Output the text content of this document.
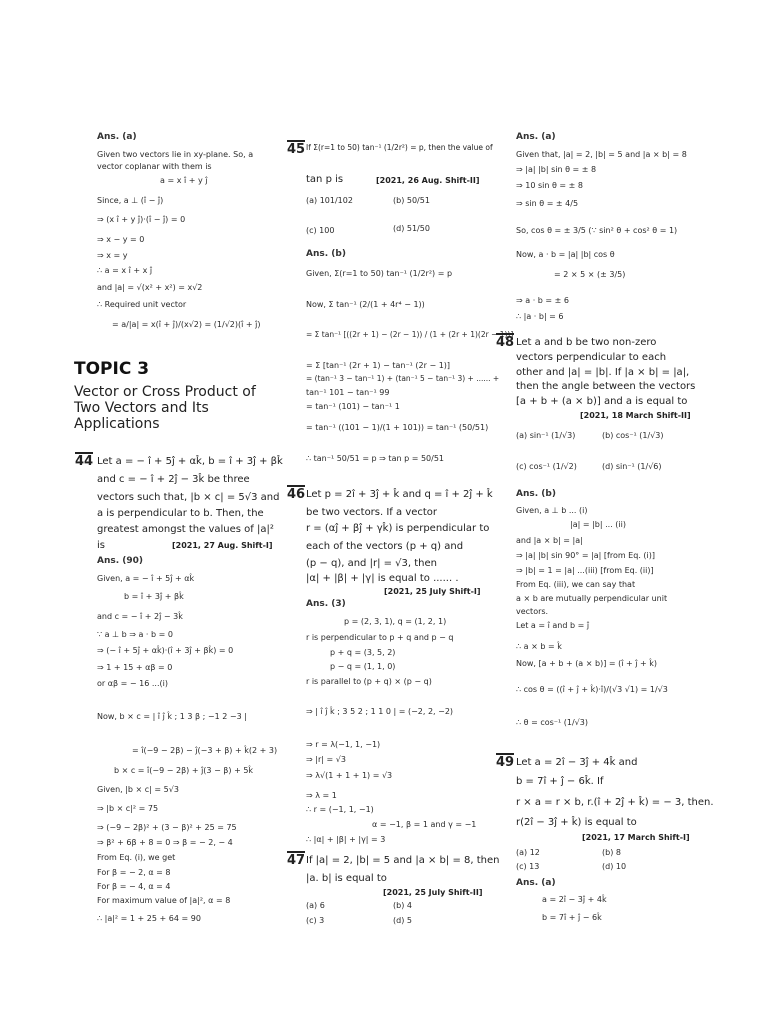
Ans. (a)
Given two vectors lie in xy-plane. So, a
vector coplanar with them is
a = x î + y ĵ
Since, a ⊥ (î − ĵ)
⇒ (x î + y ĵ)·(î − ĵ) = 0
⇒ x − y = 0
⇒ x = y
∴ a = x î + x ĵ
and |a| = √(x² + x²) = x√2
∴ Required unit vector
= a/|a| = x(î + ĵ)/(x√2) = (1/√2)(î + ĵ)
TOPIC 3
Vector or Cross Product of
Two Vectors and Its
Applications
44 Let a = − î + 5ĵ + αk̂, b = î + 3ĵ + βk̂
and c = − î + 2ĵ − 3k̂ be three
vectors such that, |b × c| = 5√3 and
a is perpendicular to b. Then, the
greatest amongst the values of |a|²
is	[2021, 27 Aug. Shift-I]
Ans. (90)
Given, a = − î + 5ĵ + αk̂
b = î + 3ĵ + βk̂
and c = − î + 2ĵ − 3k̂
∵ a ⊥ b ⇒ a · b = 0
⇒ (− î + 5ĵ + αk̂)·(î + 3ĵ + βk̂) = 0
⇒ 1 + 15 + αβ = 0
or αβ = − 16 ...(i)
Now, b × c = | î ĵ k̂ ; 1 3 β ; −1 2 −3 |
= î(−9 − 2β) − ĵ(−3 + β) + k̂(2 + 3)
b × c = î(−9 − 2β) + ĵ(3 − β) + 5k̂
Given, |b × c| = 5√3
⇒ |b × c|² = 75
⇒ (−9 − 2β)² + (3 − β)² + 25 = 75
⇒ β² + 6β + 8 = 0 ⇒ β = − 2, − 4
From Eq. (i), we get
For β = − 2, α = 8
For β = − 4, α = 4
For maximum value of |a|², α = 8
∴ |a|² = 1 + 25 + 64 = 90
45 If Σ(r=1 to 50) tan⁻¹ (1/2r²) = p, then the value of
tan p is	[2021, 26 Aug. Shift-II]
(a) 101/102	(b) 50/51
(c) 100	(d) 51/50
Ans. (b)
Given, Σ(r=1 to 50) tan⁻¹ (1/2r²) = p
Now, Σ tan⁻¹ (2/(1 + 4r⁴ − 1))
= Σ tan⁻¹ [((2r + 1) − (2r − 1)) / (1 + (2r + 1)(2r − 1))]
= Σ [tan⁻¹ (2r + 1) − tan⁻¹ (2r − 1)]
= (tan⁻¹ 3 − tan⁻¹ 1) + (tan⁻¹ 5 − tan⁻¹ 3) + ...... +
tan⁻¹ 101 − tan⁻¹ 99
= tan⁻¹ (101) − tan⁻¹ 1
= tan⁻¹ ((101 − 1)/(1 + 101)) = tan⁻¹ (50/51)
∴ tan⁻¹ 50/51 = p ⇒ tan p = 50/51
46 Let p = 2î + 3ĵ + k̂ and q = î + 2ĵ + k̂
be two vectors. If a vector
r = (αĵ + βĵ + γk̂) is perpendicular to
each of the vectors (p + q) and
(p − q), and |r| = √3, then
|α| + |β| + |γ| is equal to ...... .
[2021, 25 July Shift-I]
Ans. (3)
p = (2, 3, 1), q = (1, 2, 1)
r is perpendicular to p + q and p − q
p + q = (3, 5, 2)
p − q = (1, 1, 0)
r is parallel to (p + q) × (p − q)
⇒ | î ĵ k̂ ; 3 5 2 ; 1 1 0 | = (−2, 2, −2)
⇒ r = λ(−1, 1, −1)
⇒ |r| = √3
⇒ λ√(1 + 1 + 1) = √3
⇒ λ = 1
∴ r = (−1, 1, −1)
α = −1, β = 1 and γ = −1
∴ |α| + |β| + |γ| = 3
47 If |a| = 2, |b| = 5 and |a × b| = 8, then
|a. b| is equal to
[2021, 25 July Shift-II]
(a) 6	(b) 4
(c) 3	(d) 5
Ans. (a)
Given that, |a| = 2, |b| = 5 and |a × b| = 8
⇒ |a| |b| sin θ = ± 8
⇒ 10 sin θ = ± 8
⇒ sin θ = ± 4/5
So, cos θ = ± 3/5 (∵ sin² θ + cos² θ = 1)
Now, a · b = |a| |b| cos θ
= 2 × 5 × (± 3/5)
⇒ a · b = ± 6
∴ |a · b| = 6
48 Let a and b be two non-zero
vectors perpendicular to each
other and |a| = |b|. If |a × b| = |a|,
then the angle between the vectors
[a + b + (a × b)] and a is equal to
[2021, 18 March Shift-II]
(a) sin⁻¹ (1/√3)	(b) cos⁻¹ (1/√3)
(c) cos⁻¹ (1/√2)	(d) sin⁻¹ (1/√6)
Ans. (b)
Given, a ⊥ b ... (i)
|a| = |b| ... (ii)
and |a × b| = |a|
⇒ |a| |b| sin 90° = |a| [from Eq. (i)]
⇒ |b| = 1 = |a| ...(iii) [from Eq. (ii)]
From Eq. (iii), we can say that
a × b are mutually perpendicular unit
vectors.
Let a = î and b = ĵ
∴ a × b = k̂
Now, [a + b + (a × b)] = (î + ĵ + k̂)
∴ cos θ = ((î + ĵ + k̂)·î)/(√3 √1) = 1/√3
∴ θ = cos⁻¹ (1/√3)
49 Let a = 2î − 3ĵ + 4k̂ and
b = 7î + ĵ − 6k̂. If
r × a = r × b, r.(î + 2ĵ + k̂) = − 3, then.
r(2î − 3ĵ + k̂) is equal to
[2021, 17 March Shift-I]
(a) 12	(b) 8
(c) 13	(d) 10
Ans. (a)
a = 2î − 3ĵ + 4k̂
b = 7î + ĵ − 6k̂
